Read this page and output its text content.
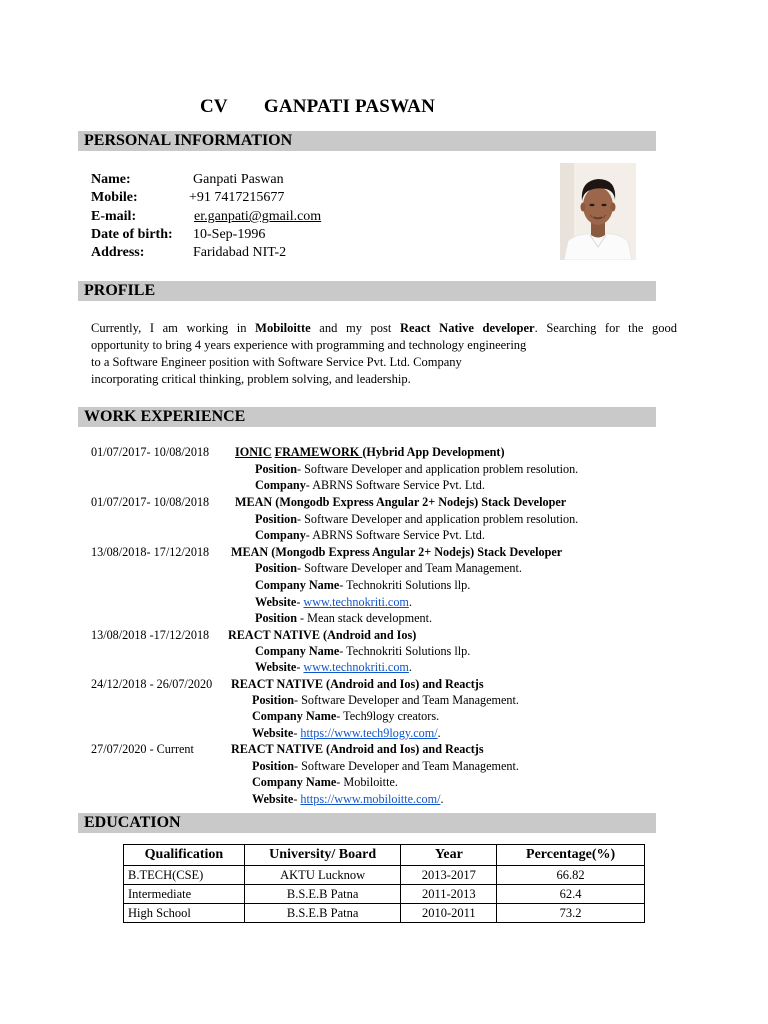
CV GANPATI PASWAN
PERSONAL INFORMATION
Name:	Ganpati Paswan
Mobile:	+91 7417215677
E-mail:	er.ganpati@gmail.com
Date of birth: 10-Sep-1996
Address:	Faridabad NIT-2
PROFILE

Currently, I am working in Mobiloitte and my post React Native developer. Searching for the good

opportunity to bring 4 years experience with programming and technology engineering

to a Software Engineer position with Software Service Pvt. Ltd. Company

incorporating critical thinking, problem solving, and leadership.

WORK EXPERIENCE
01/07/2017- 10/08/2018 IONIC FRAMEWORK (Hybrid App Development)
Position- Software Developer and application problem resolution.
Company- ABRNS Software Service Pvt. Ltd.
01/07/2017- 10/08/2018 MEAN (Mongodb Express Angular 2+ Nodejs) Stack Developer
Position- Software Developer and application problem resolution.
Company- ABRNS Software Service Pvt. Ltd.
13/08/2018- 17/12/2018 MEAN (Mongodb Express Angular 2+ Nodejs) Stack Developer
Position- Software Developer and Team Management.
Company Name- Technokriti Solutions llp.
Website- www.technokriti.com.
Position - Mean stack development.
13/08/2018 -17/12/2018 REACT NATIVE (Android and Ios)
Company Name- Technokriti Solutions llp.
Website- www.technokriti.com.
24/12/2018 - 26/07/2020 REACT NATIVE (Android and Ios) and Reactjs
Position- Software Developer and Team Management.
Company Name- Tech9logy creators.
Website- https://www.tech9logy.com/.
27/07/2020 - Current	REACT NATIVE (Android and Ios) and Reactjs
Position- Software Developer and Team Management.
Company Name- Mobiloitte.
Website- https://www.mobiloitte.com/.
EDUCATION
Qualification	University/ Board	Year	Percentage(%)
B.TECH(CSE)	AKTU Lucknow	2013-2017	66.82
Intermediate	B.S.E.B Patna	2011-2013	62.4
High School	B.S.E.B Patna	2010-2011	73.2
